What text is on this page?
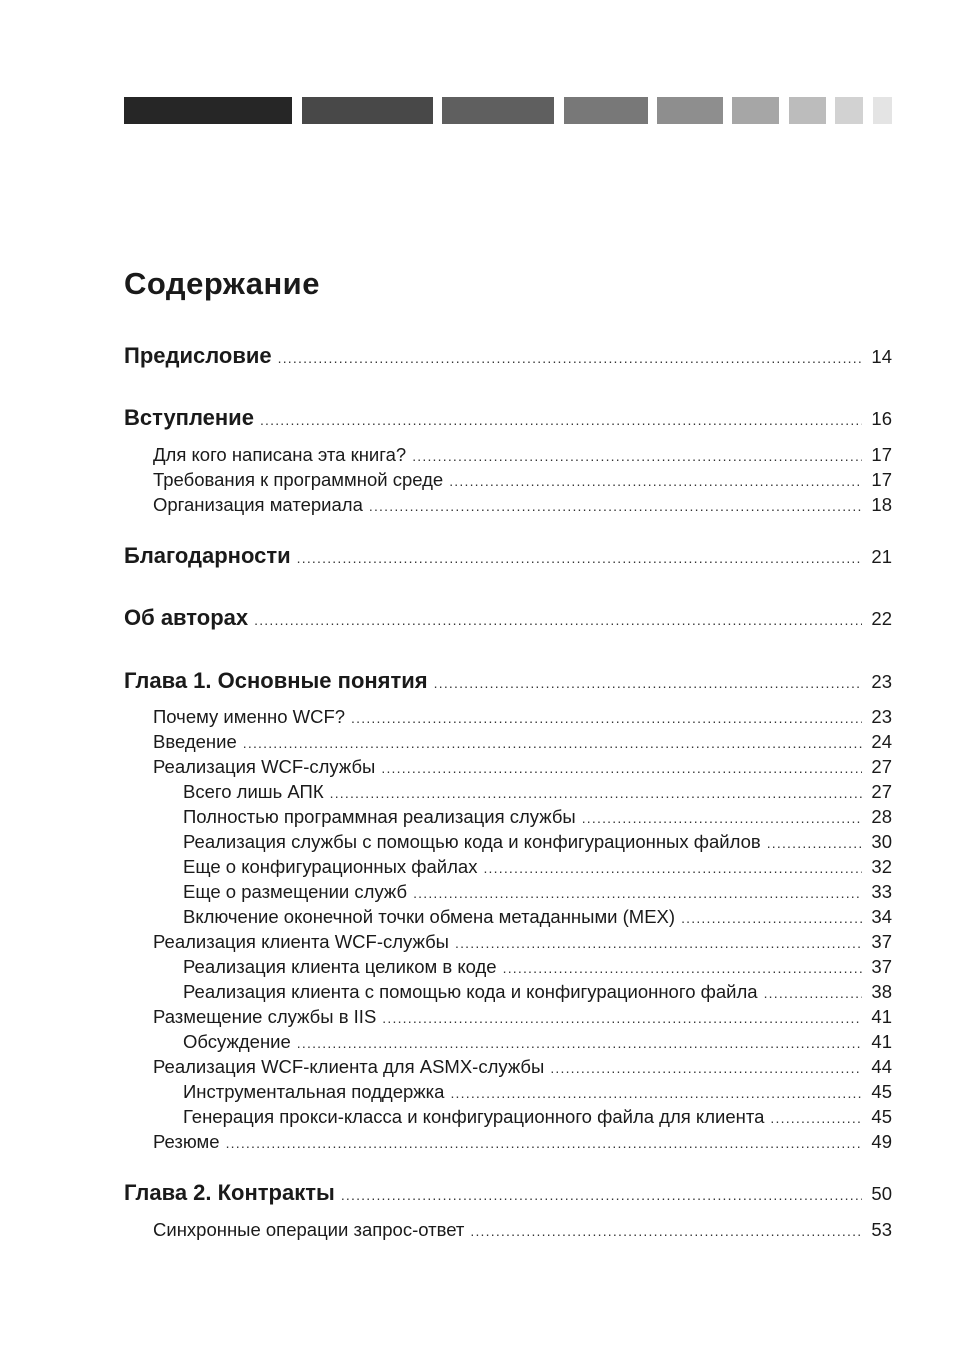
Содержание
Предисловие .....	14
Вступление .....	16
Для кого написана эта книга? .....	17
Требования к программной среде .....	17
Организация материала .....	18
Благодарности .....	21
Об авторах .....	22
Глава 1. Основные понятия .....	23
Почему именно WCF? .....	23
Введение .....	24
Реализация WCF-службы .....	27
Всего лишь АПК .....	27
Полностью программная реализация службы .....	28
Реализация службы с помощью кода и конфигурационных файлов .....	30
Еще о конфигурационных файлах .....	32
Еще о размещении служб .....	33
Включение оконечной точки обмена метаданными (MEX) .....	34
Реализация клиента WCF-службы .....	37
Реализация клиента целиком в коде .....	37
Реализация клиента с помощью кода и конфигурационного файла .....	38
Размещение службы в IIS .....	41
Обсуждение .....	41
Реализация WCF-клиента для ASMX-службы .....	44
Инструментальная поддержка .....	45
Генерация прокси-класса и конфигурационного файла для клиента .....	45
Резюме .....	49
Глава 2. Контракты .....	50
Синхронные операции запрос-ответ .....	53
